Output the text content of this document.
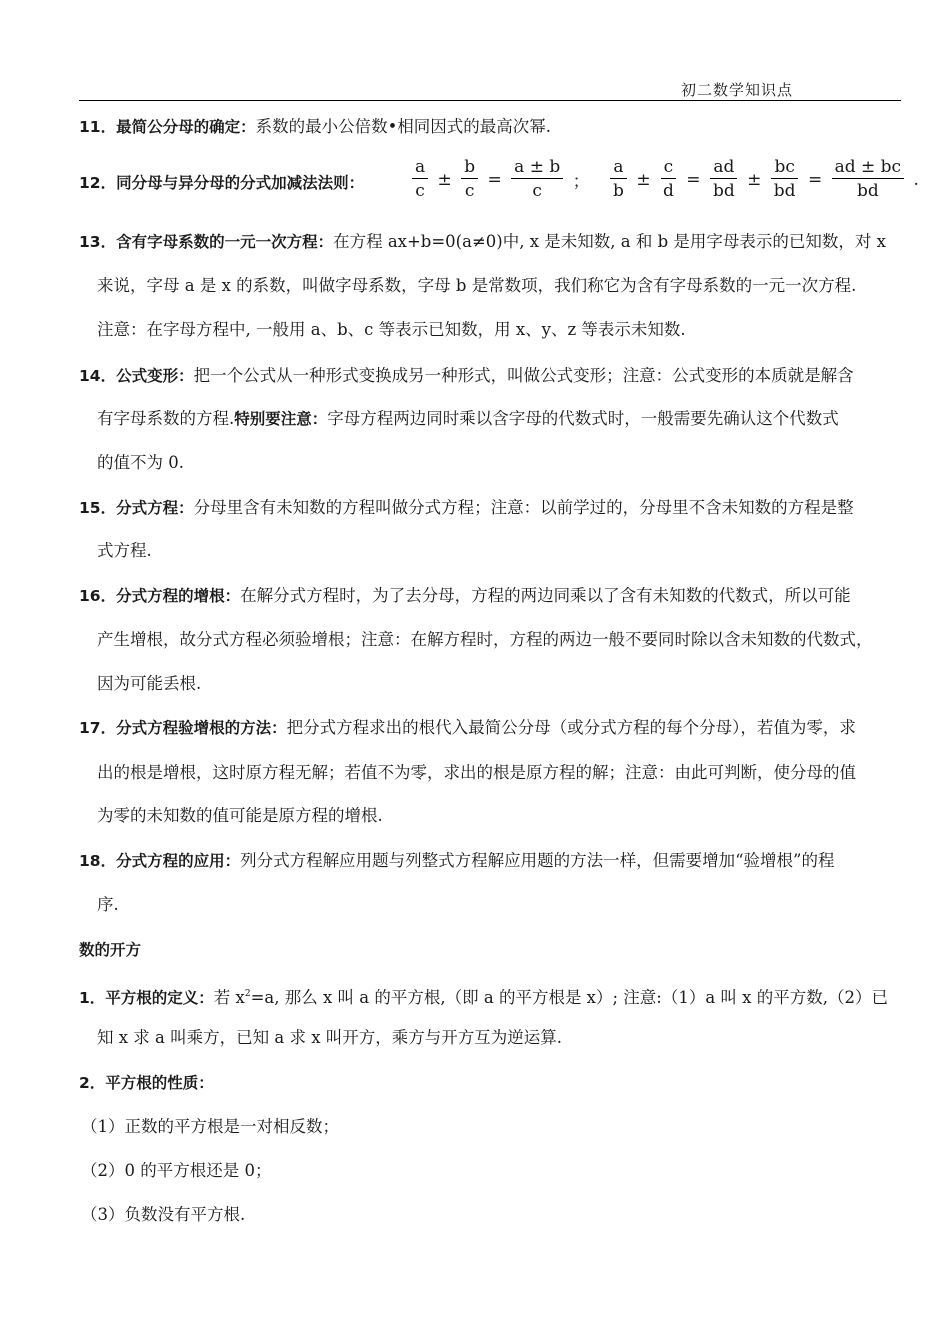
初二数学知识点
11．最简公分母的确定：系数的最小公倍数•相同因式的最高次幂.
12．同分母与异分母的分式加减法法则：	$\frac{a}{c} \pm \frac{b}{c} = \frac{a \pm b}{c}$ ； $\frac{a}{b} \pm \frac{c}{d} = \frac{ad}{bd} \pm \frac{bc}{bd} = \frac{ad \pm bc}{bd}$ .
13．含有字母系数的一元一次方程：在方程 ax+b=0(a≠0)中, x 是未知数, a 和 b 是用字母表示的已知数，对 x
来说，字母 a 是 x 的系数，叫做字母系数，字母 b 是常数项，我们称它为含有字母系数的一元一次方程.
注意：在字母方程中, 一般用 a、b、c 等表示已知数，用 x、y、z 等表示未知数.
14．公式变形：把一个公式从一种形式变换成另一种形式，叫做公式变形；注意：公式变形的本质就是解含
有字母系数的方程.特别要注意：字母方程两边同时乘以含字母的代数式时，一般需要先确认这个代数式
的值不为 0.
15．分式方程：分母里含有未知数的方程叫做分式方程；注意：以前学过的，分母里不含未知数的方程是整
式方程.
16．分式方程的增根：在解分式方程时，为了去分母，方程的两边同乘以了含有未知数的代数式，所以可能
产生增根，故分式方程必须验增根；注意：在解方程时，方程的两边一般不要同时除以含未知数的代数式，
因为可能丢根.
17．分式方程验增根的方法：把分式方程求出的根代入最简公分母（或分式方程的每个分母），若值为零，求
出的根是增根，这时原方程无解；若值不为零，求出的根是原方程的解；注意：由此可判断，使分母的值
为零的未知数的值可能是原方程的增根.
18．分式方程的应用：列分式方程解应用题与列整式方程解应用题的方法一样，但需要增加“验增根”的程
序.
数的开方
1．平方根的定义：若 $x^2=a$, 那么 x 叫 a 的平方根,（即 a 的平方根是 x）; 注意:（1）a 叫 x 的平方数,（2）已
知 x 求 a 叫乘方，已知 a 求 x 叫开方，乘方与开方互为逆运算.
2．平方根的性质：
（1）正数的平方根是一对相反数；
（2）0 的平方根还是 0；
（3）负数没有平方根.
